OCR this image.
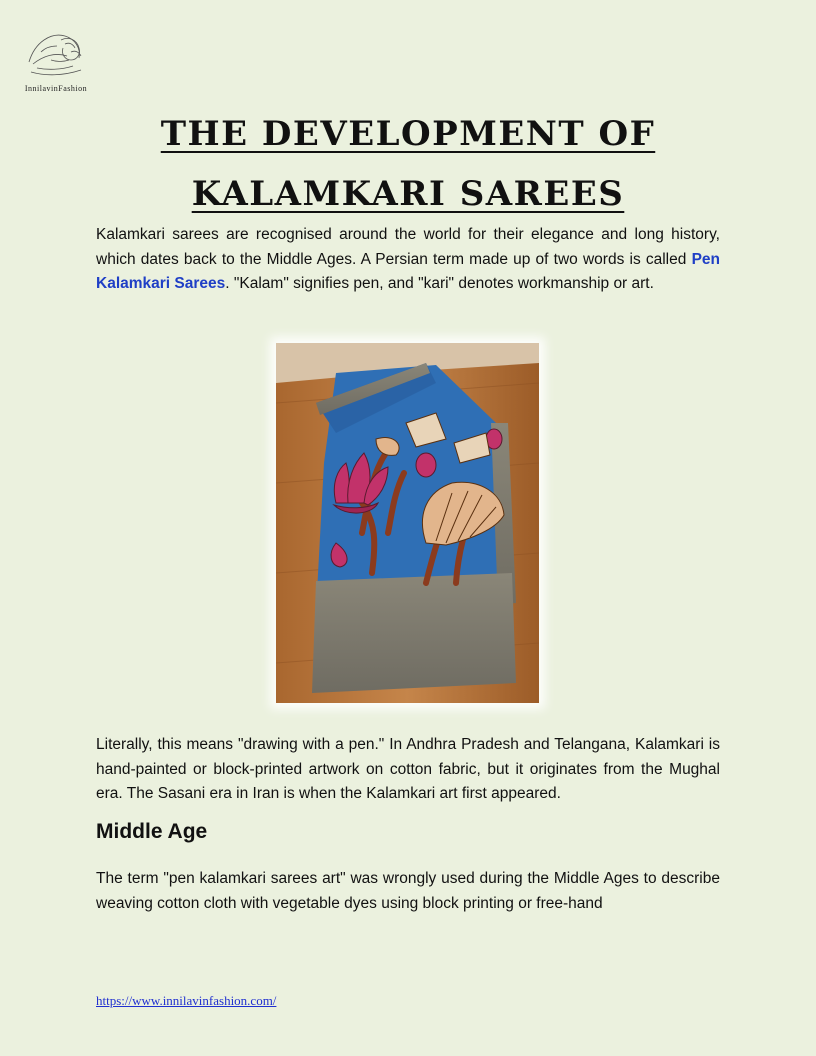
InnilavinFashion
THE DEVELOPMENT OF KALAMKARI SAREES

Kalamkari sarees are recognised around the world for their elegance and long history, which dates back to the Middle Ages. A Persian term made up of two words is called Pen Kalamkari Sarees. "Kalam" signifies pen, and "kari" denotes workmanship or art.

Literally, this means "drawing with a pen." In Andhra Pradesh and Telangana, Kalamkari is hand-painted or block-printed artwork on cotton fabric, but it originates from the Mughal era. The Sasani era in Iran is when the Kalamkari art first appeared.

Middle Age

The term "pen kalamkari sarees art" was wrongly used during the Middle Ages to describe weaving cotton cloth with vegetable dyes using block printing or free-hand

https://www.innilavinfashion.com/
